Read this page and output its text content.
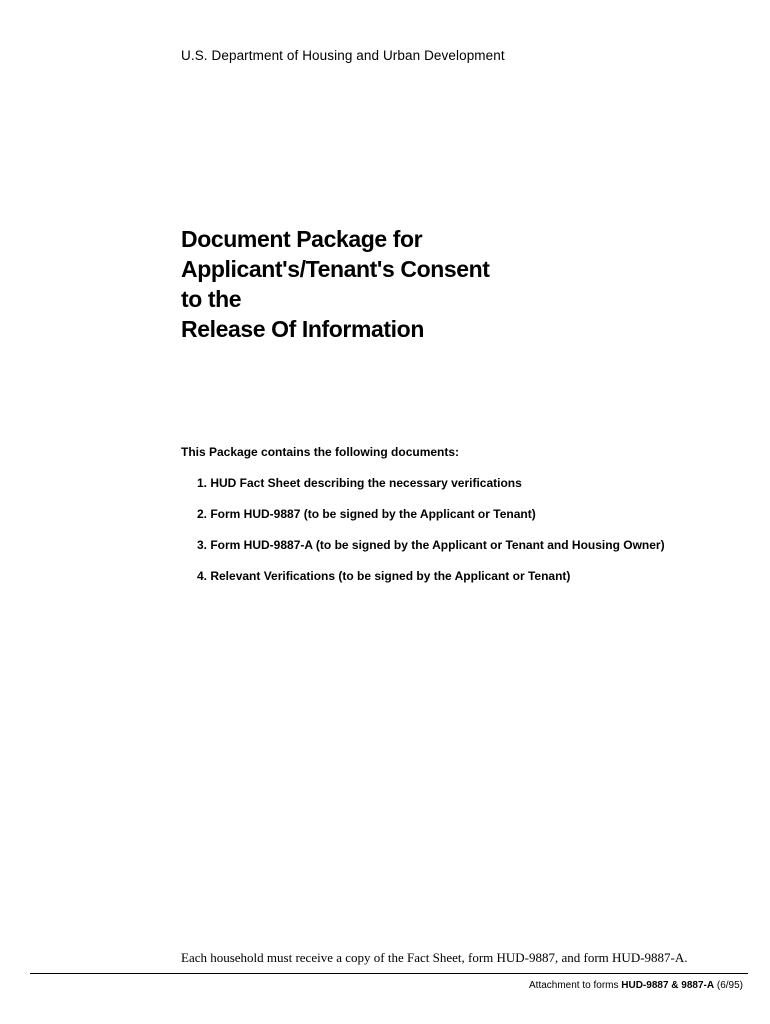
U.S. Department of Housing and Urban Development
Document Package for
Applicant's/Tenant's Consent
to the
Release Of Information
This Package contains the following documents:
1. HUD Fact Sheet describing the necessary verifications
2. Form HUD-9887 (to be signed by the Applicant or Tenant)
3. Form HUD-9887-A (to be signed by the Applicant or Tenant and Housing Owner)
4. Relevant Verifications (to be signed by the Applicant or Tenant)
Each household must receive a copy of the Fact Sheet, form HUD-9887, and form HUD-9887-A.
Attachment to forms HUD-9887 & 9887-A (6/95)
